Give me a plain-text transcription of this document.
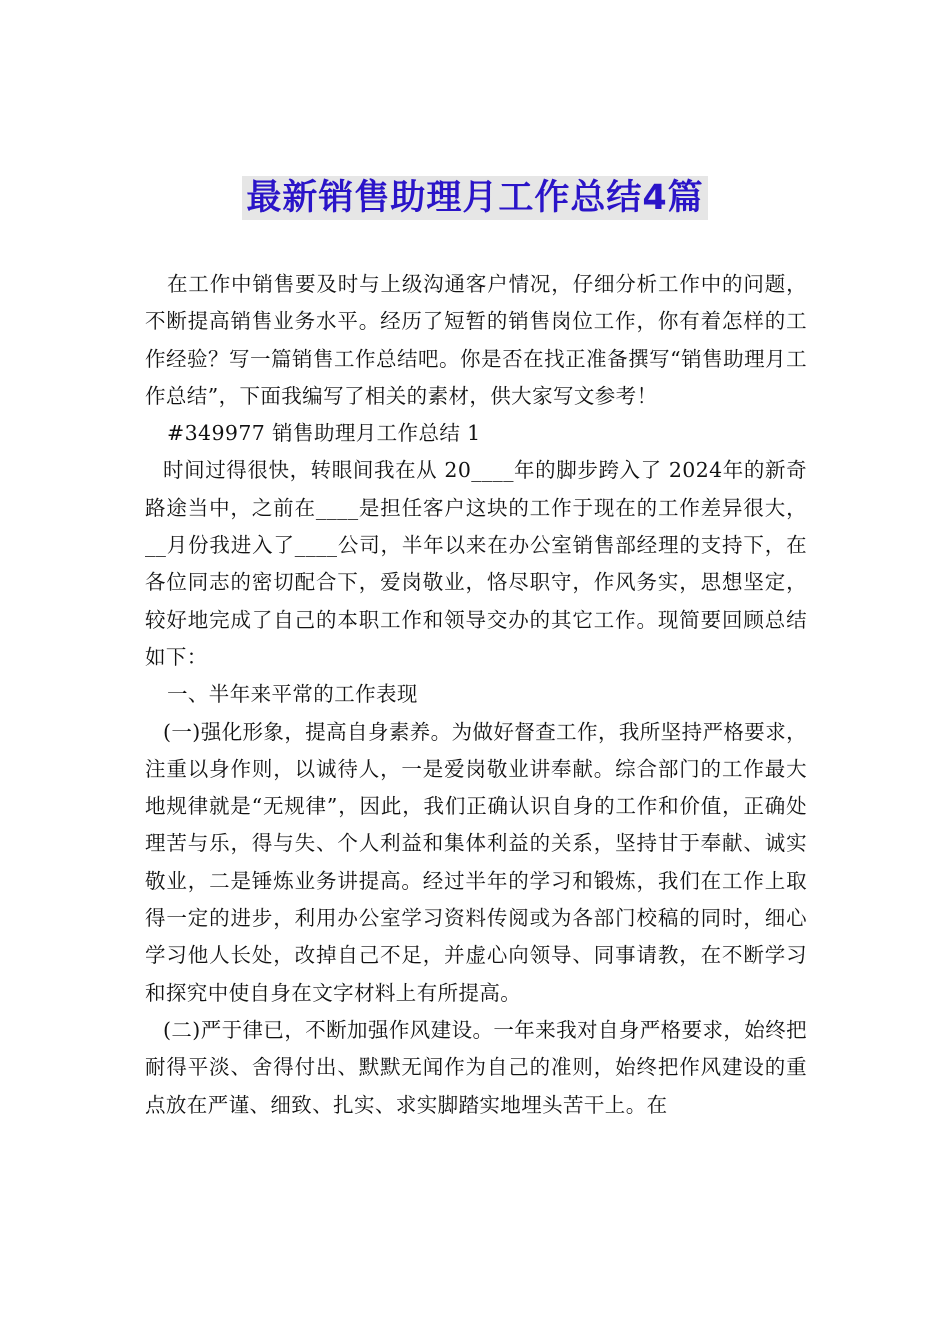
最新销售助理月工作总结4篇

在工作中销售要及时与上级沟通客户情况，仔细分析工作中的问题，不断提高销售业务水平。经历了短暂的销售岗位工作，你有着怎样的工作经验？写一篇销售工作总结吧。你是否在找正准备撰写“销售助理月工作总结”，下面我编写了相关的素材，供大家写文参考！

#349977 销售助理月工作总结 1

时间过得很快，转眼间我在从 20____年的脚步跨入了 2024年的新奇路途当中，之前在____是担任客户这块的工作于现在的工作差异很大，__月份我进入了____公司，半年以来在办公室销售部经理的支持下，在各位同志的密切配合下，爱岗敬业，恪尽职守，作风务实，思想坚定，较好地完成了自己的本职工作和领导交办的其它工作。现简要回顾总结如下：

一、半年来平常的工作表现

(一)强化形象，提高自身素养。为做好督查工作，我所坚持严格要求，注重以身作则，以诚待人，一是爱岗敬业讲奉献。综合部门的工作最大地规律就是“无规律”，因此，我们正确认识自身的工作和价值，正确处理苦与乐，得与失、个人利益和集体利益的关系，坚持甘于奉献、诚实敬业，二是锤炼业务讲提高。经过半年的学习和锻炼，我们在工作上取得一定的进步，利用办公室学习资料传阅或为各部门校稿的同时，细心学习他人长处，改掉自己不足，并虚心向领导、同事请教，在不断学习和探究中使自身在文字材料上有所提高。

(二)严于律已，不断加强作风建设。一年来我对自身严格要求，始终把耐得平淡、舍得付出、默默无闻作为自己的准则，始终把作风建设的重点放在严谨、细致、扎实、求实脚踏实地埋头苦干上。在
